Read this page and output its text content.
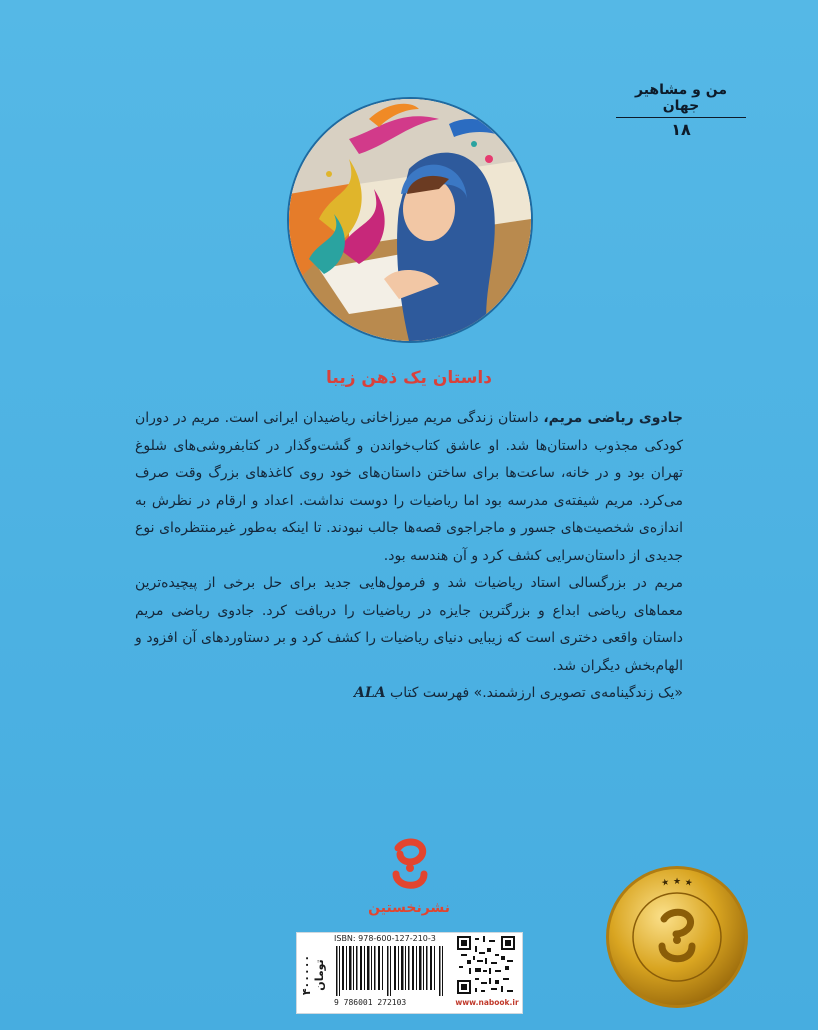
من و مشاهیر جهان
۱۸
داستان یک ذهن زیبا

جادوی ریاضی مریم، داستان زندگی مریم میرزاخانی ریاضیدان ایرانی است. مریم در دوران کودکی مجذوب داستان‌ها شد. او عاشق کتاب‌خواندن و گشت‌وگذار در کتابفروشی‌های شلوغ تهران بود و در خانه، ساعت‌ها برای ساختن داستان‌های خود روی کاغذهای بزرگ وقت صرف می‌کرد. مریم شیفته‌ی مدرسه بود اما ریاضیات را دوست نداشت. اعداد و ارقام در نظرش به اندازه‌ی شخصیت‌های جسور و ماجراجوی قصه‌ها جالب نبودند. تا اینکه به‌طور غیرمنتظره‌ای نوع جدیدی از داستان‌سرایی کشف کرد و آن هندسه بود.

مریم در بزرگسالی استاد ریاضیات شد و فرمول‌هایی جدید برای حل برخی از پیچیده‌ترین معماهای ریاضی ابداع و بزرگترین جایزه در ریاضیات را دریافت کرد. جادوی ریاضی مریم داستان واقعی دختری است که زیبایی دنیای ریاضیات را کشف کرد و بر دستاوردهای آن افزود و الهام‌بخش دیگران شد.

«یک زندگینامه‌ی تصویری ارزشمند.» فهرست کتاب ALA

نشرنخستین
۴۰۰۰۰۰ تومان
ISBN: 978-600-127-210-3
9 786001 272103	www.nabook.ir
★ ★ ★
